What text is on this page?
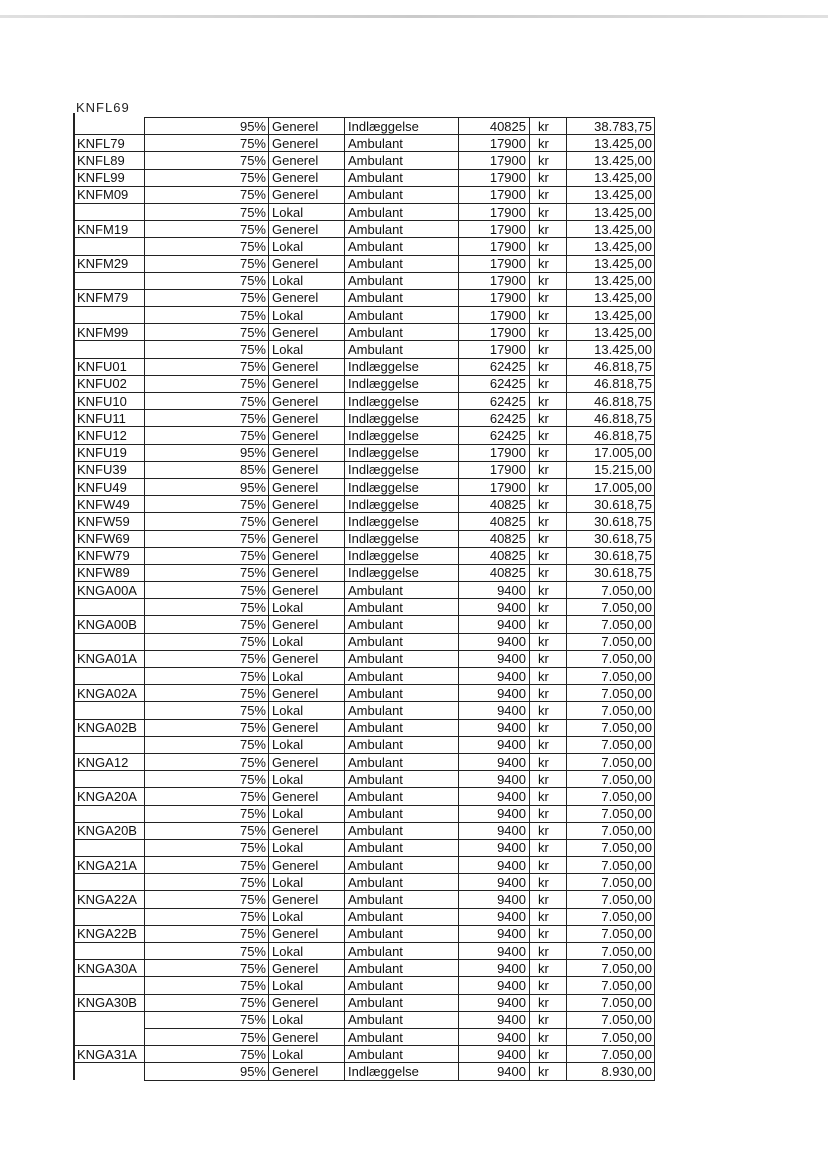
KNFL69
	95%	Generel	Indlæggelse	40825	kr	38.783,75
KNFL79	75%	Generel	Ambulant	17900	kr	13.425,00
KNFL89	75%	Generel	Ambulant	17900	kr	13.425,00
KNFL99	75%	Generel	Ambulant	17900	kr	13.425,00
KNFM09	75%	Generel	Ambulant	17900	kr	13.425,00
	75%	Lokal	Ambulant	17900	kr	13.425,00
KNFM19	75%	Generel	Ambulant	17900	kr	13.425,00
	75%	Lokal	Ambulant	17900	kr	13.425,00
KNFM29	75%	Generel	Ambulant	17900	kr	13.425,00
	75%	Lokal	Ambulant	17900	kr	13.425,00
KNFM79	75%	Generel	Ambulant	17900	kr	13.425,00
	75%	Lokal	Ambulant	17900	kr	13.425,00
KNFM99	75%	Generel	Ambulant	17900	kr	13.425,00
	75%	Lokal	Ambulant	17900	kr	13.425,00
KNFU01	75%	Generel	Indlæggelse	62425	kr	46.818,75
KNFU02	75%	Generel	Indlæggelse	62425	kr	46.818,75
KNFU10	75%	Generel	Indlæggelse	62425	kr	46.818,75
KNFU11	75%	Generel	Indlæggelse	62425	kr	46.818,75
KNFU12	75%	Generel	Indlæggelse	62425	kr	46.818,75
KNFU19	95%	Generel	Indlæggelse	17900	kr	17.005,00
KNFU39	85%	Generel	Indlæggelse	17900	kr	15.215,00
KNFU49	95%	Generel	Indlæggelse	17900	kr	17.005,00
KNFW49	75%	Generel	Indlæggelse	40825	kr	30.618,75
KNFW59	75%	Generel	Indlæggelse	40825	kr	30.618,75
KNFW69	75%	Generel	Indlæggelse	40825	kr	30.618,75
KNFW79	75%	Generel	Indlæggelse	40825	kr	30.618,75
KNFW89	75%	Generel	Indlæggelse	40825	kr	30.618,75
KNGA00A	75%	Generel	Ambulant	9400	kr	7.050,00
	75%	Lokal	Ambulant	9400	kr	7.050,00
KNGA00B	75%	Generel	Ambulant	9400	kr	7.050,00
	75%	Lokal	Ambulant	9400	kr	7.050,00
KNGA01A	75%	Generel	Ambulant	9400	kr	7.050,00
	75%	Lokal	Ambulant	9400	kr	7.050,00
KNGA02A	75%	Generel	Ambulant	9400	kr	7.050,00
	75%	Lokal	Ambulant	9400	kr	7.050,00
KNGA02B	75%	Generel	Ambulant	9400	kr	7.050,00
	75%	Lokal	Ambulant	9400	kr	7.050,00
KNGA12	75%	Generel	Ambulant	9400	kr	7.050,00
	75%	Lokal	Ambulant	9400	kr	7.050,00
KNGA20A	75%	Generel	Ambulant	9400	kr	7.050,00
	75%	Lokal	Ambulant	9400	kr	7.050,00
KNGA20B	75%	Generel	Ambulant	9400	kr	7.050,00
	75%	Lokal	Ambulant	9400	kr	7.050,00
KNGA21A	75%	Generel	Ambulant	9400	kr	7.050,00
	75%	Lokal	Ambulant	9400	kr	7.050,00
KNGA22A	75%	Generel	Ambulant	9400	kr	7.050,00
	75%	Lokal	Ambulant	9400	kr	7.050,00
KNGA22B	75%	Generel	Ambulant	9400	kr	7.050,00
	75%	Lokal	Ambulant	9400	kr	7.050,00
KNGA30A	75%	Generel	Ambulant	9400	kr	7.050,00
	75%	Lokal	Ambulant	9400	kr	7.050,00
KNGA30B	75%	Generel	Ambulant	9400	kr	7.050,00
	75%	Lokal	Ambulant	9400	kr	7.050,00
	75%	Generel	Ambulant	9400	kr	7.050,00
KNGA31A	75%	Lokal	Ambulant	9400	kr	7.050,00
	95%	Generel	Indlæggelse	9400	kr	8.930,00
